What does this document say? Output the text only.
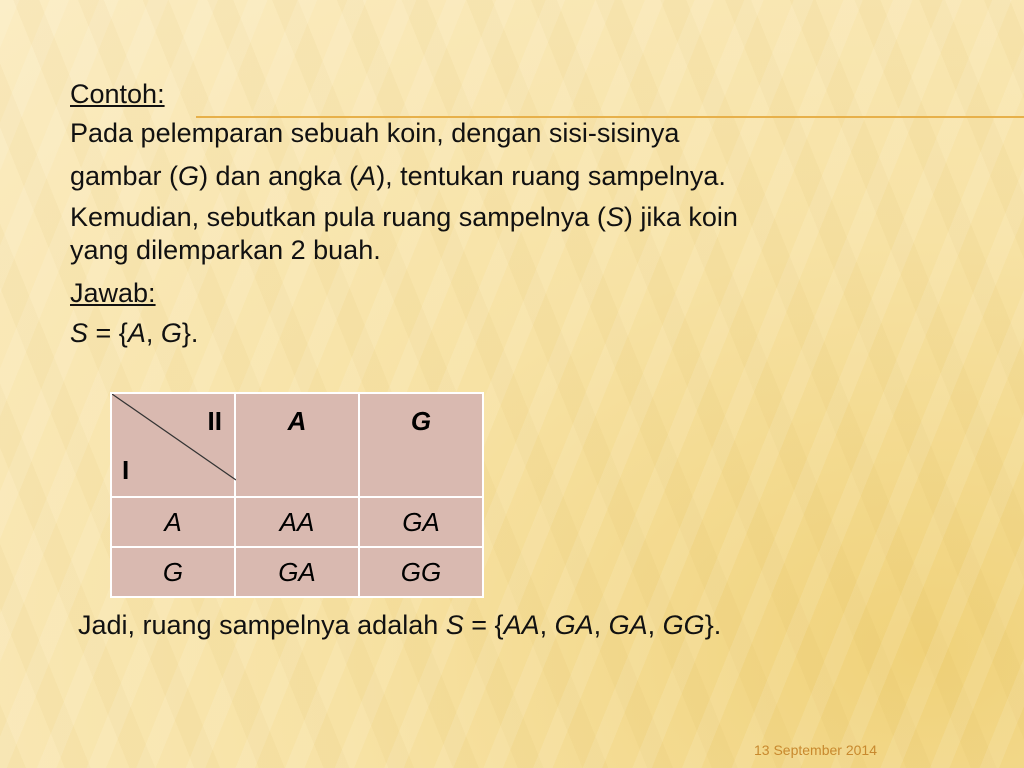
Contoh:
Pada pelemparan sebuah koin, dengan sisi-sisinya
gambar (G) dan angka (A), tentukan ruang sampelnya.
Kemudian, sebutkan pula ruang sampelnya (S) jika koin
yang dilemparkan 2 buah.
Jawab:
S = {A, G}.
II
I	A	G
A	AA	GA
G	GA	GG
Jadi, ruang sampelnya adalah S = {AA, GA, GA, GG}.
13 September 2014
